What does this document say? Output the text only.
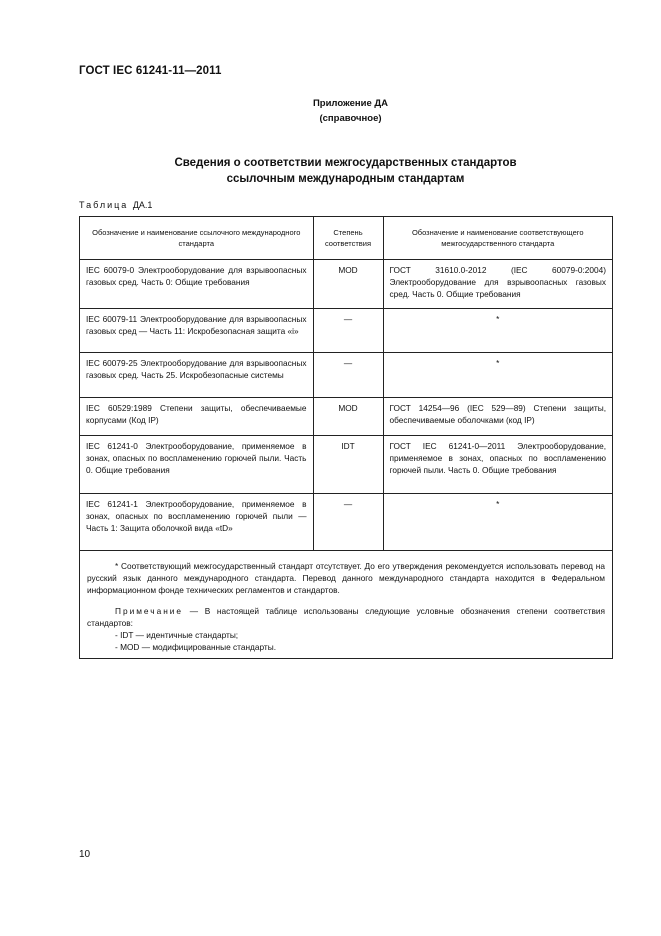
ГОСТ IEC 61241-11—2011
Приложение ДА
(справочное)
Сведения о соответствии межгосударственных стандартов
ссылочным международным стандартам
Таблица ДА.1
Обозначение и наименование ссылочного международного стандарта	Степень соответствия	Обозначение и наименование соответствующего межгосударственного стандарта
IEC 60079-0 Электрооборудование для взрывоопасных газовых сред. Часть 0: Общие требования	MOD	ГОСТ 31610.0-2012 (IEC 60079-0:2004) Электрооборудование для взрывоопасных газовых сред. Часть 0. Общие требования
IEC 60079-11 Электрооборудование для взрывоопасных газовых сред — Часть 11: Искробезопасная защита «i»	—	*
IEC 60079-25 Электрооборудование для взрывоопасных газовых сред. Часть 25. Искробезопасные системы	—	*
IEC 60529:1989 Степени защиты, обеспечиваемые корпусами (Код IP)	MOD	ГОСТ 14254—96 (IEC 529—89) Степени защиты, обеспечиваемые оболочками (код IP)
IEC 61241-0 Электрооборудование, применяемое в зонах, опасных по воспламенению горючей пыли. Часть 0. Общие требования	IDT	ГОСТ IEC 61241-0—2011 Электрооборудование, применяемое в зонах, опасных по воспламенению горючей пыли. Часть 0. Общие требования
IEC 61241-1 Электрооборудование, применяемое в зонах, опасных по воспламенению горючей пыли — Часть 1: Защита оболочкой вида «tD»	—	*

* Соответствующий межгосударственный стандарт отсутствует. До его утверждения рекомендуется использовать перевод на русский язык данного международного стандарта. Перевод данного международного стандарта находится в Федеральном информационном фонде технических регламентов и стандартов.

Примечание — В настоящей таблице использованы следующие условные обозначения степени соответствия стандартов:

- IDT — идентичные стандарты;

- MOD — модифицированные стандарты.

10
